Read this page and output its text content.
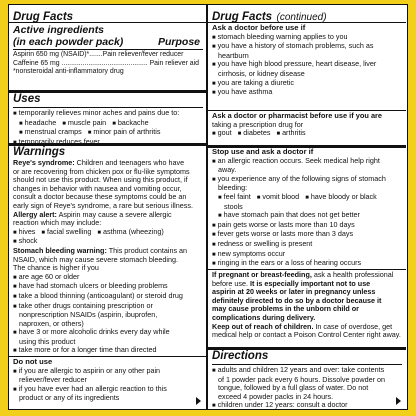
Drug Facts
Active ingredients
(in each powder pack)	Purpose
Aspirin 650 mg (NSAID)*.......Pain reliever/fever reducer
Caffeine 65 mg ............................................. Pain reliever aid
*nonsteroidal anti-inflammatory drug
Uses
■ temporarily relieves minor aches and pains due to:
■ headache ■ muscle pain ■ backache
■ menstrual cramps ■ minor pain of arthritis
■ temporarily reduces fever
Warnings
Reye's syndrome: Children and teenagers who have
or are recovering from chicken pox or flu-like symptoms
should not use this product. When using this product, if
changes in behavior with nausea and vomiting occur,
consult a doctor because these symptoms could be an
early sign of Reye's syndrome, a rare but serious illness.
Allergy alert: Aspirin may cause a severe allergic
reaction which may include:
■ hives ■ facial swelling ■ asthma (wheezing)
■ shock
Stomach bleeding warning: This product contains an
NSAID, which may cause severe stomach bleeding.
The chance is higher if you
■ are age 60 or older
■ have had stomach ulcers or bleeding problems
■ take a blood thinning (anticoagulant) or steroid drug
■ take other drugs containing prescription or
nonprescription NSAIDs (aspirin, ibuprofen,
naproxen, or others)
■ have 3 or more alcoholic drinks every day while
using this product
■ take more or for a longer time than directed
Do not use
■ if you are allergic to aspirin or any other pain
reliever/fever reducer
■ if you have ever had an allergic reaction to this
product or any of its ingredients
Drug Facts (continued)
Ask a doctor before use if
■ stomach bleeding warning applies to you
■ you have a history of stomach problems, such as
heartburn
■ you have high blood pressure, heart disease, liver
cirrhosis, or kidney disease
■ you are taking a diuretic
■ you have asthma
Ask a doctor or pharmacist before use if you are
taking a prescription drug for
■ gout ■ diabetes ■ arthritis
Stop use and ask a doctor if
■ an allergic reaction occurs. Seek medical help right
away.
■ you experience any of the following signs of stomach
bleeding:
■ feel faint ■ vomit blood ■ have bloody or black
stools
■ have stomach pain that does not get better
■ pain gets worse or lasts more than 10 days
■ fever gets worse or lasts more than 3 days
■ redness or swelling is present
■ new symptoms occur
■ ringing in the ears or a loss of hearing occurs
If pregnant or breast-feeding, ask a health professional
before use. It is especially important not to use
aspirin at 20 weeks or later in pregnancy unless
definitely directed to do so by a doctor because it
may cause problems in the unborn child or
complications during delivery.
Keep out of reach of children. In case of overdose, get
medical help or contact a Poison Control Center right away.
Directions
■ adults and children 12 years and over: take contents
of 1 powder pack every 6 hours. Dissolve powder on
tongue, followed by a full glass of water. Do not
exceed 4 powder packs in 24 hours.
■ children under 12 years: consult a doctor
